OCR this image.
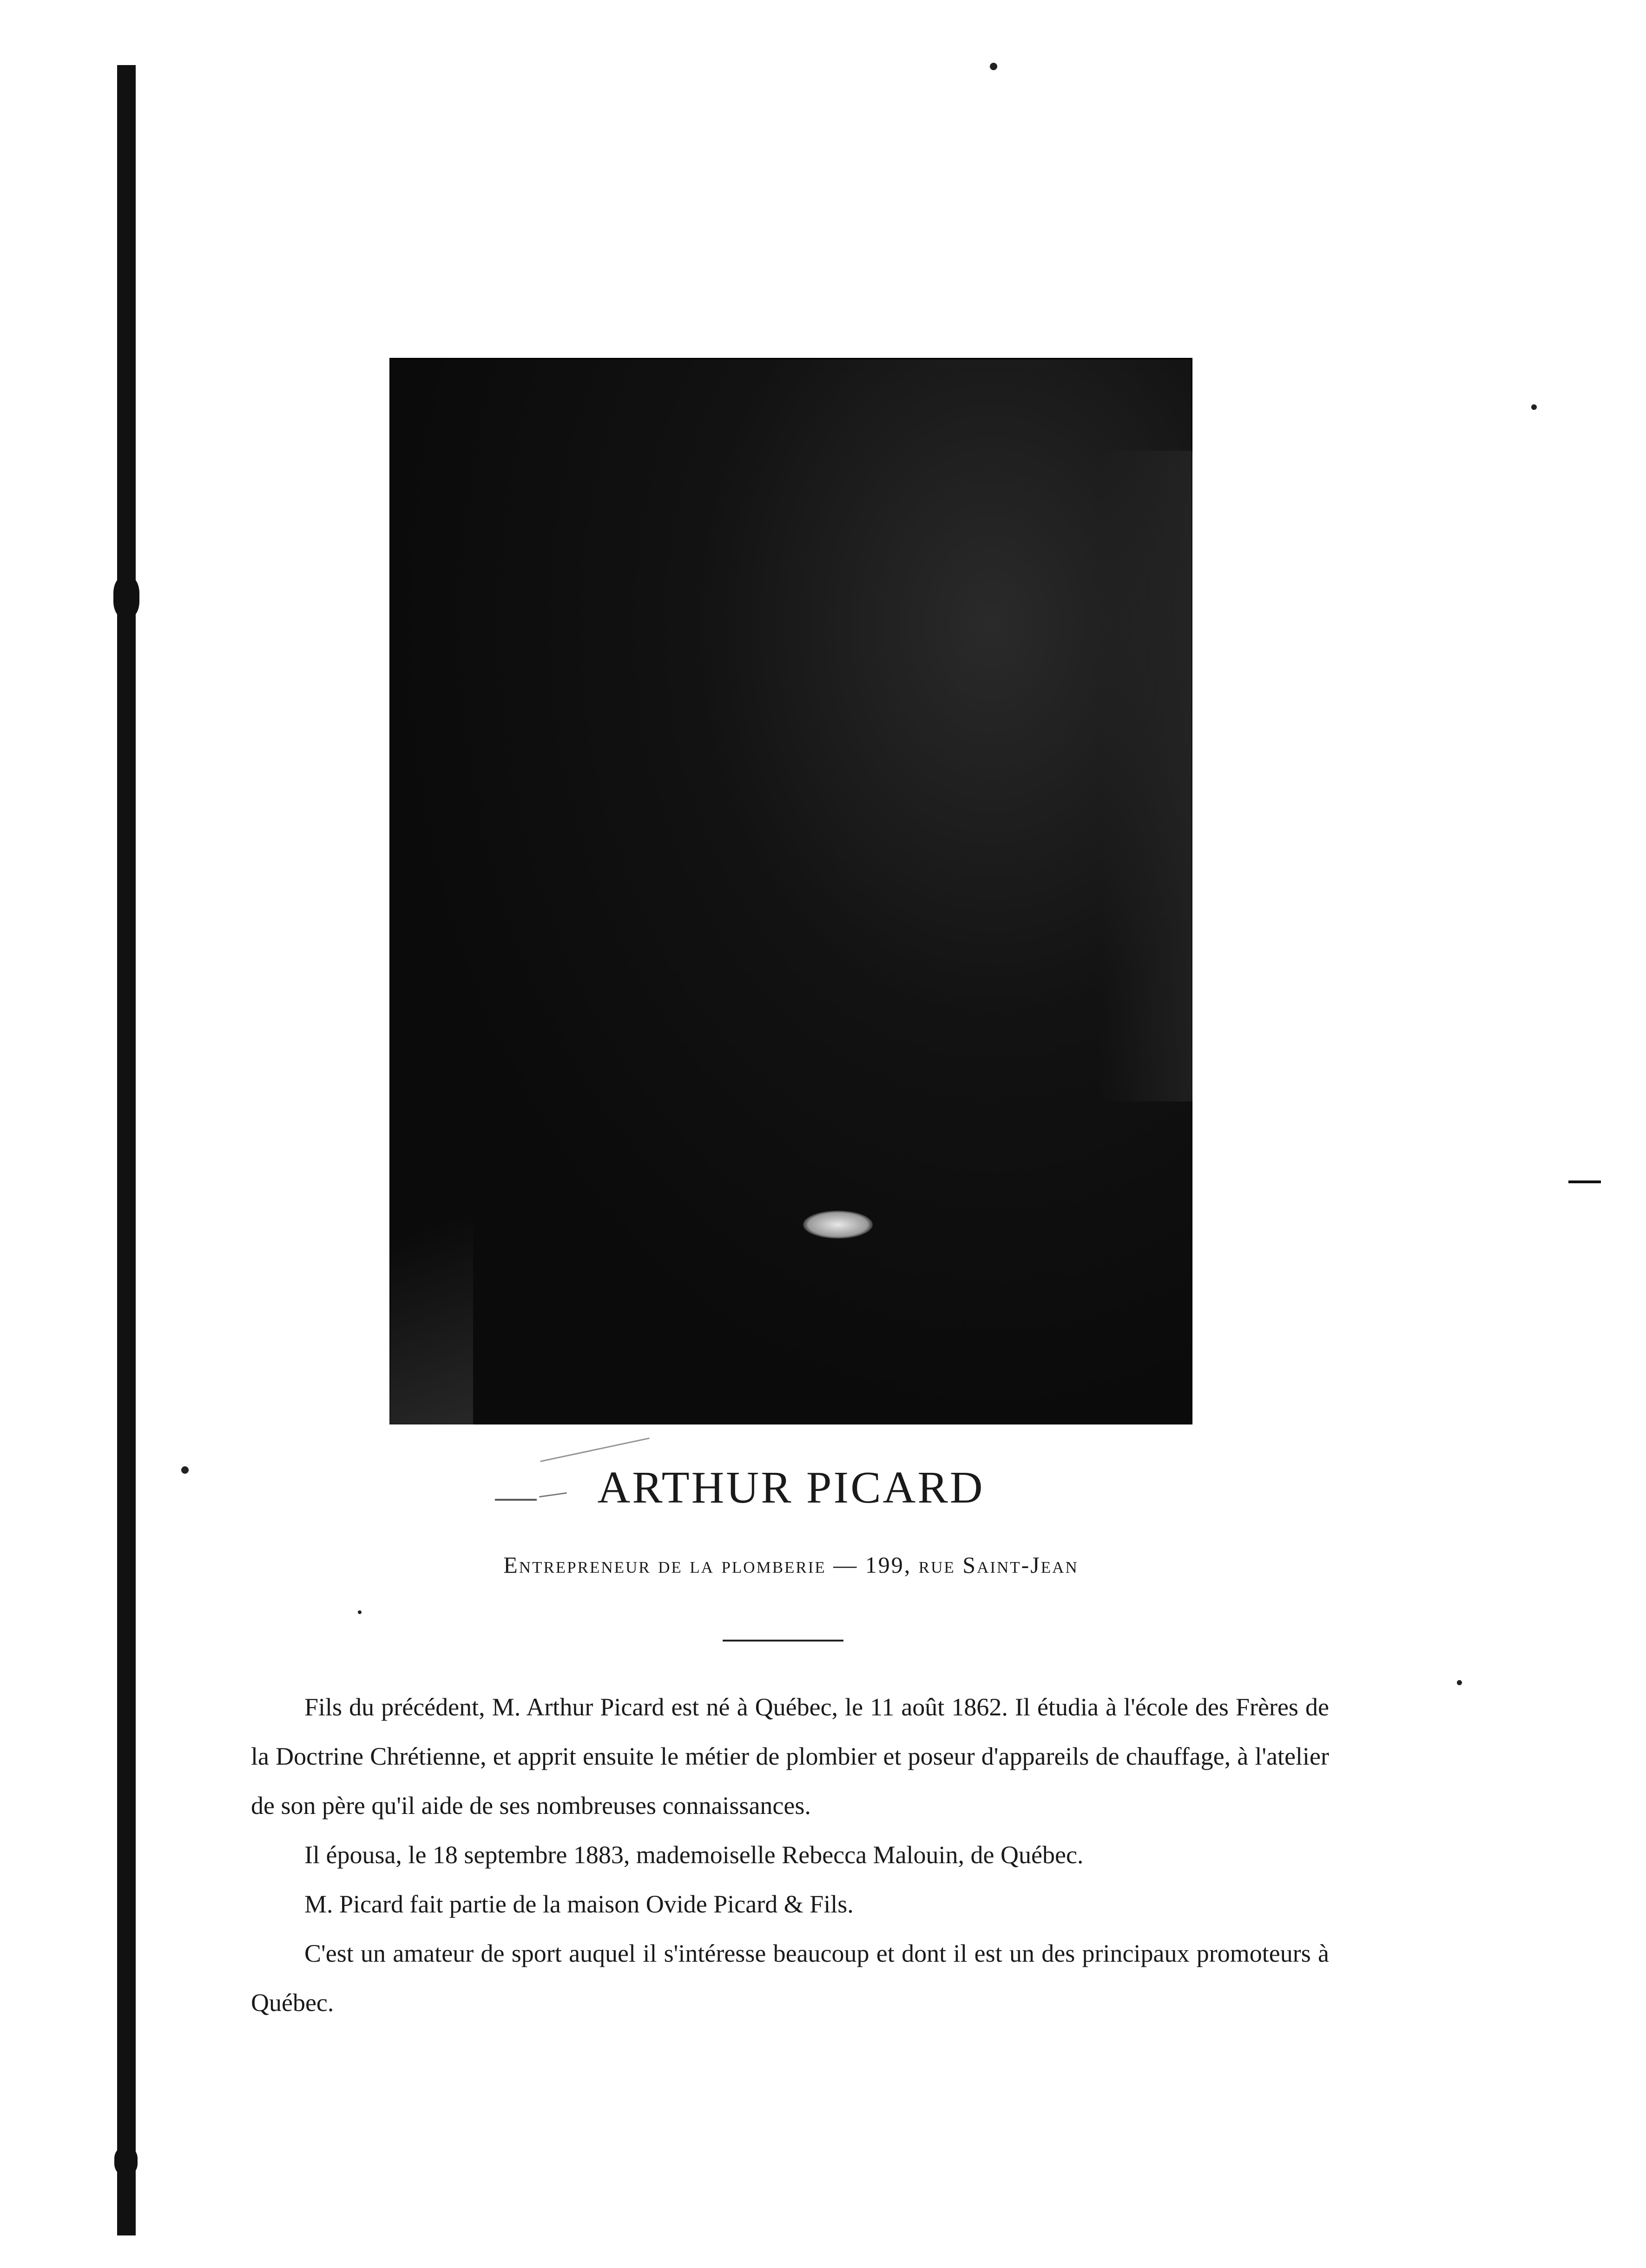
ARTHUR PICARD

Entrepreneur de la plomberie — 199, rue Saint-Jean

Fils du précédent, M. Arthur Picard est né à Québec, le 11 août 1862. Il étudia à l'école des Frères de la Doctrine Chrétienne, et apprit ensuite le métier de plombier et poseur d'appareils de chauffage, à l'atelier de son père qu'il aide de ses nombreuses connaissances.

Il épousa, le 18 septembre 1883, mademoiselle Rebecca Malouin, de Québec.

M. Picard fait partie de la maison Ovide Picard & Fils.

C'est un amateur de sport auquel il s'intéresse beaucoup et dont il est un des principaux promoteurs à Québec.
